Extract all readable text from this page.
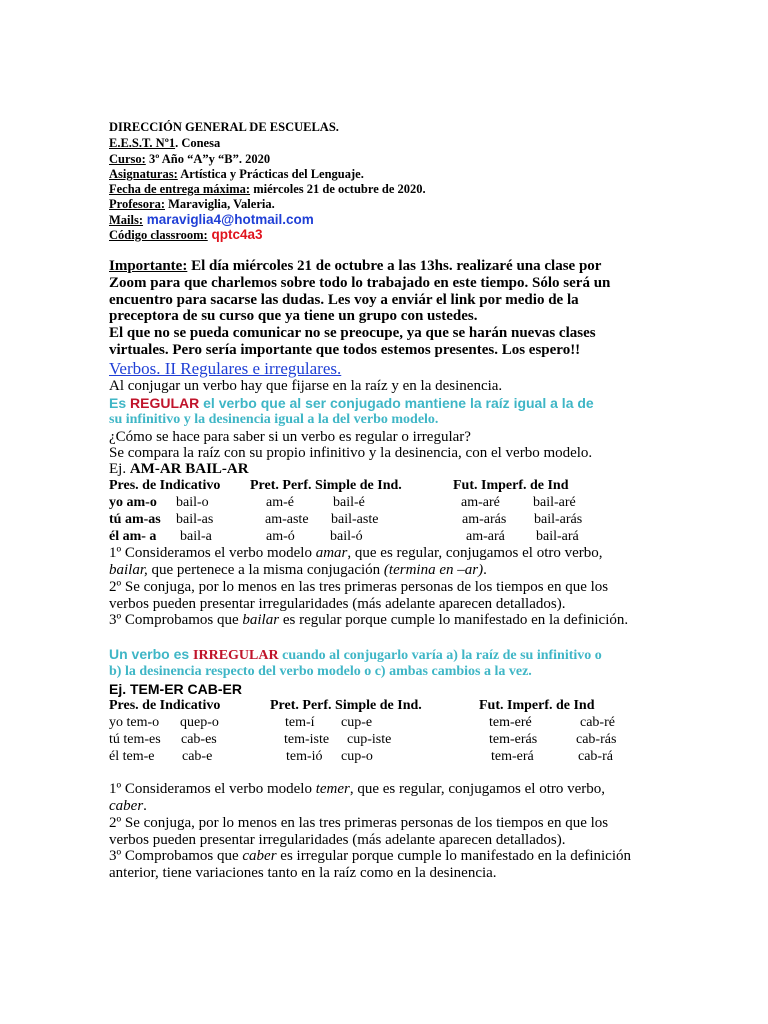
DIRECCIÓN GENERAL DE ESCUELAS.
E.E.S.T. Nº1. Conesa
Curso: 3º Año “A”y “B”. 2020
Asignaturas: Artística y Prácticas del Lenguaje.
Fecha de entrega máxima: miércoles 21 de octubre de 2020.
Profesora: Maraviglia, Valeria.
Mails: maraviglia4@hotmail.com
Código classroom: qptc4a3
Importante: El día miércoles 21 de octubre a las 13hs. realizaré una clase por
Zoom para que charlemos sobre todo lo trabajado en este tiempo. Sólo será un
encuentro para sacarse las dudas. Les voy a enviár el link por medio de la
preceptora de su curso que ya tiene un grupo con ustedes.
El que no se pueda comunicar no se preocupe, ya que se harán nuevas clases
virtuales. Pero sería importante que todos estemos presentes. Los espero!!
Verbos. II Regulares e irregulares.
Al conjugar un verbo hay que fijarse en la raíz y en la desinencia.
Es REGULAR el verbo que al ser conjugado mantiene la raíz igual a la de
su infinitivo y la desinencia igual a la del verbo modelo.
¿Cómo se hace para saber si un verbo es regular o irregular?
Se compara la raíz con su propio infinitivo y la desinencia, con el verbo modelo.
Ej. AM-AR BAIL-AR
Pres. de Indicativo Pret. Perf. Simple de Ind.	Fut. Imperf. de Ind
yo am-o bail-o	am-é	bail-é	am-aré bail-aré
tú am-as bail-as	am-aste bail-aste	am-arás bail-arás
él am- a bail-a	am-ó	bail-ó	am-ará bail-ará
1º Consideramos el verbo modelo amar, que es regular, conjugamos el otro verbo,
bailar, que pertenece a la misma conjugación (termina en –ar).
2º Se conjuga, por lo menos en las tres primeras personas de los tiempos en que los
verbos pueden presentar irregularidades (más adelante aparecen detallados).
3º Comprobamos que bailar es regular porque cumple lo manifestado en la definición.
Un verbo es IRREGULAR cuando al conjugarlo varía a) la raíz de su infinitivo o
b) la desinencia respecto del verbo modelo o c) ambas cambios a la vez.
Ej. TEM-ER CAB-ER
Pres. de Indicativo	Pret. Perf. Simple de Ind.	Fut. Imperf. de Ind
yo tem-o quep-o	tem-í cup-e	tem-eré	cab-ré
tú tem-es cab-es	tem-iste cup-iste	tem-erás	cab-rás
él tem-e cab-e	tem-ió cup-o	tem-erá	cab-rá
1º Consideramos el verbo modelo temer, que es regular, conjugamos el otro verbo,
caber.
2º Se conjuga, por lo menos en las tres primeras personas de los tiempos en que los
verbos pueden presentar irregularidades (más adelante aparecen detallados).
3º Comprobamos que caber es irregular porque cumple lo manifestado en la definición
anterior, tiene variaciones tanto en la raíz como en la desinencia.
